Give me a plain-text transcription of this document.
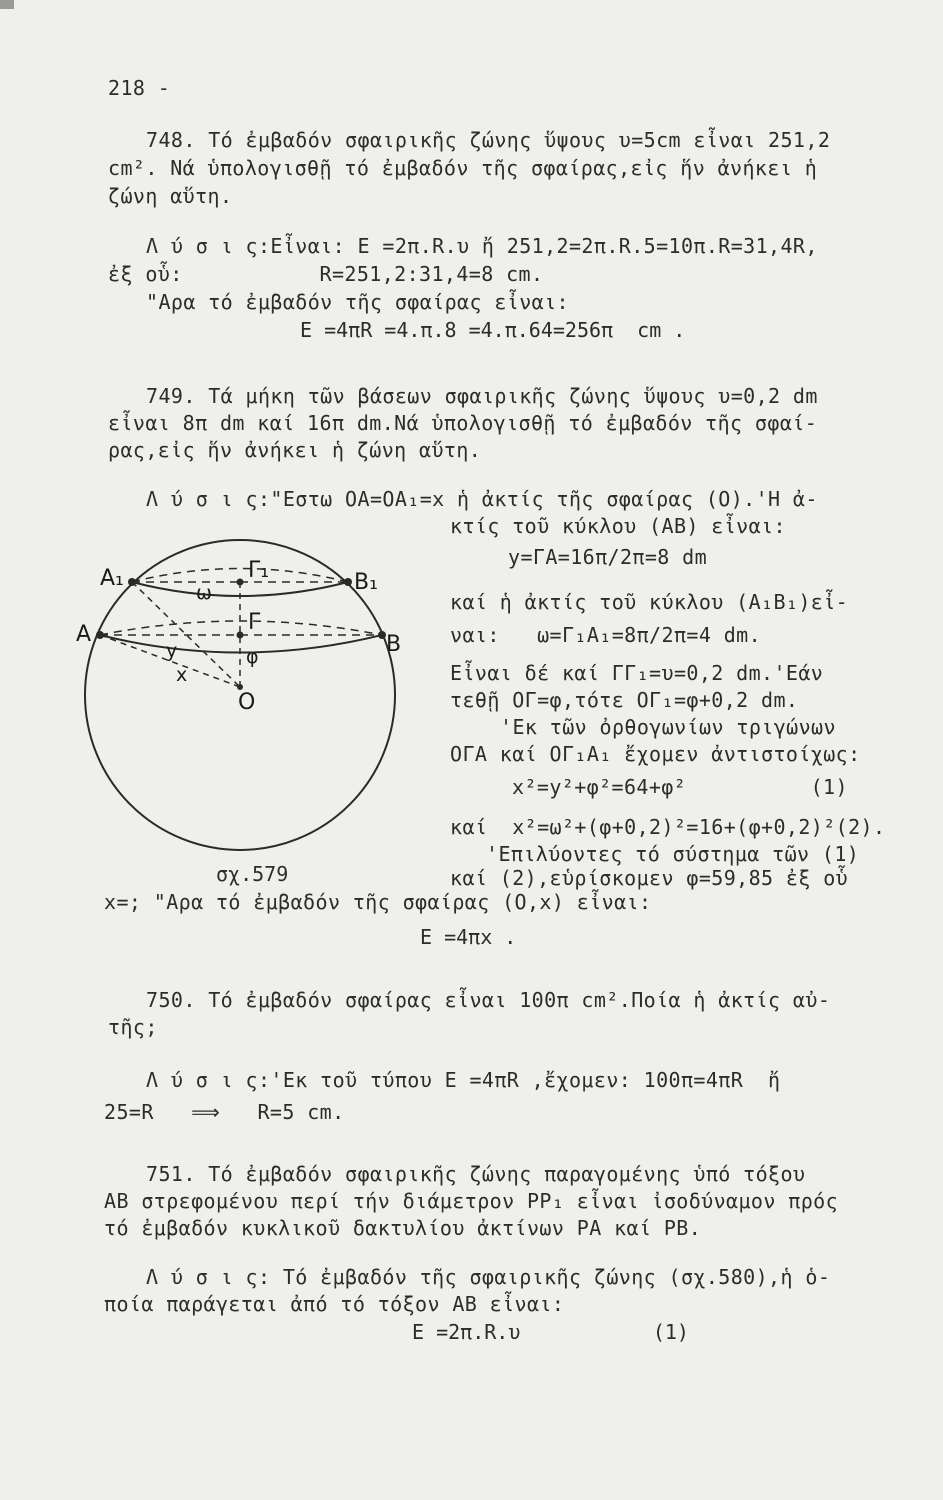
218 -
748. Τό ἐμβαδόν σφαιρικῆς ζώνης ὕψους υ=5cm εἶναι 251,2
cm². Νά ὑπολογισθῇ τό ἐμβαδόν τῆς σφαίρας,εἰς ἥν ἀνήκει ἡ
ζώνη αὕτη.
Λ ύ σ ι ς:Εἶναι: Ε =2π.R.υ ἤ 251,2=2π.R.5=10π.R=31,4R,
ἐξ οὗ:           R=251,2:31,4=8 cm.
"Αρα τό ἐμβαδόν τῆς σφαίρας εἶναι:
Ε =4πR =4.π.8 =4.π.64=256π  cm .
749. Τά μήκη τῶν βάσεων σφαιρικῆς ζώνης ὕψους υ=0,2 dm
εἶναι 8π dm καί 16π dm.Νά ὑπολογισθῇ τό ἐμβαδόν τῆς σφαί-
ρας,εἰς ἥν ἀνήκει ἡ ζώνη αὕτη.
Λ ύ σ ι ς:"Εστω ΟΑ=ΟΑ₁=x ἡ ἀκτίς τῆς σφαίρας (Ο).'Η ἀ-
κτίς τοῦ κύκλου (ΑΒ) εἶναι:
y=ΓΑ=16π/2π=8 dm
καί ἡ ἀκτίς τοῦ κύκλου (Α₁Β₁)εἶ-
ναι:   ω=Γ₁Α₁=8π/2π=4 dm.
Εἶναι δέ καί ΓΓ₁=υ=0,2 dm.'Εάν
τεθῇ ΟΓ=φ,τότε ΟΓ₁=φ+0,2 dm.
'Εκ τῶν ὀρθογωνίων τριγώνων
ΟΓΑ καί ΟΓ₁Α₁ ἔχομεν ἀντιστοίχως:
x²=y²+φ²=64+φ²          (1)
καί  x²=ω²+(φ+0,2)²=16+(φ+0,2)²(2).
'Επιλύοντες τό σύστημα τῶν (1)
καί (2),εὑρίσκομεν φ=59,85 ἐξ οὗ
σχ.579
x=; "Αρα τό ἐμβαδόν τῆς σφαίρας (Ο,x) εἶναι:
Ε =4πx .
A₁	B₁
A	B
Γ₁
Γ
O
ω
y
x
φ
750. Τό ἐμβαδόν σφαίρας εἶναι 100π cm².Ποία ἡ ἀκτίς αὐ-
τῆς;
Λ ύ σ ι ς:'Εκ τοῦ τύπου Ε =4πR ,ἔχομεν: 100π=4πR  ἤ
25=R   ⟹   R=5 cm.
751. Τό ἐμβαδόν σφαιρικῆς ζώνης παραγομένης ὑπό τόξου
ΑΒ στρεφομένου περί τήν διάμετρον ΡΡ₁ εἶναι ἰσοδύναμον πρός
τό ἐμβαδόν κυκλικοῦ δακτυλίου ἀκτίνων ΡΑ καί ΡΒ.
Λ ύ σ ι ς: Τό ἐμβαδόν τῆς σφαιρικῆς ζώνης (σχ.580),ἡ ὁ-
ποία παράγεται ἀπό τό τόξον ΑΒ εἶναι:
Ε =2π.R.υ           (1)
